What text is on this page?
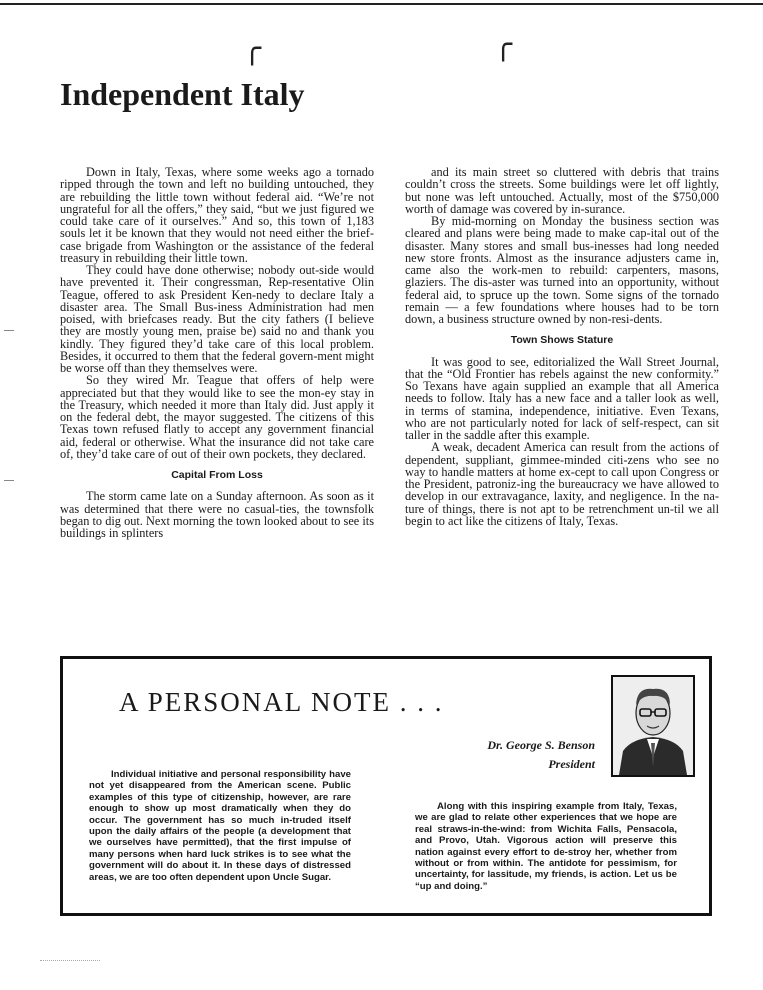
╭	╭
Independent Italy

Down in Italy, Texas, where some weeks ago a tornado ripped through the town and left no building untouched, they are rebuilding the little town without federal aid. “We’re not ungrateful for all the offers,” they said, “but we just figured we could take care of it ourselves.” And so, this town of 1,183 souls let it be known that they would not need either the brief-case brigade from Washington or the assistance of the federal treasury in rebuilding their little town.

They could have done otherwise; nobody out-side would have prevented it. Their congressman, Rep-resentative Olin Teague, offered to ask President Ken-nedy to declare Italy a disaster area. The Small Bus-iness Administration had men poised, with briefcases ready. But the city fathers (I believe they are mostly young men, praise be) said no and thank you kindly. They figured they’d take care of this local problem. Besides, it occurred to them that the federal govern-ment might be worse off than they themselves were.

So they wired Mr. Teague that offers of help were appreciated but that they would like to see the mon-ey stay in the Treasury, which needed it more than Italy did. Just apply it on the federal debt, the mayor suggested. The citizens of this Texas town refused flatly to accept any government financial aid, federal or otherwise. What the insurance did not take care of, they’d take care of out of their own pockets, they declared.

Capital From Loss

The storm came late on a Sunday afternoon. As soon as it was determined that there were no casual-ties, the townsfolk began to dig out. Next morning the town looked about to see its buildings in splinters

and its main street so cluttered with debris that trains couldn’t cross the streets. Some buildings were let off lightly, but none was left untouched. Actually, most of the $750,000 worth of damage was covered by in-surance.

By mid-morning on Monday the business section was cleared and plans were being made to make cap-ital out of the disaster. Many stores and small bus-inesses had long needed new store fronts. Almost as the insurance adjusters came in, came also the work-men to rebuild: carpenters, masons, glaziers. The dis-aster was turned into an opportunity, without federal aid, to spruce up the town. Some signs of the tornado remain — a few foundations where houses had to be torn down, a business structure owned by non-resi-dents.

Town Shows Stature

It was good to see, editorialized the Wall Street Journal, that the “Old Frontier has rebels against the new conformity.” So Texans have again supplied an example that all America needs to follow. Italy has a new face and a taller look as well, in terms of stamina, independence, initiative. Even Texans, who are not particularly noted for lack of self-respect, can sit taller in the saddle after this example.

A weak, decadent America can result from the actions of dependent, suppliant, gimmee-minded citi-zens who see no way to handle matters at home ex-cept to call upon Congress or the President, patroniz-ing the bureaucracy we have allowed to develop in our extravagance, laxity, and negligence. In the na-ture of things, there is not apt to be retrenchment un-til we all begin to act like the citizens of Italy, Texas.

A PERSONAL NOTE . . .

Dr. George S. Benson

President

Individual initiative and personal responsibility have not yet disappeared from the American scene. Public examples of this type of citizenship, however, are rare enough to show up most dramatically when they do occur. The government has so much in-truded itself upon the daily affairs of the people (a development that we ourselves have permitted), that the first impulse of many persons when hard luck strikes is to see what the government will do about it. In these days of distressed areas, we are too often dependent upon Uncle Sugar.

Along with this inspiring example from Italy, Texas, we are glad to relate other experiences that we hope are real straws-in-the-wind: from Wichita Falls, Pensacola, and Provo, Utah. Vigorous action will preserve this nation against every effort to de-stroy her, whether from without or from within. The antidote for pessimism, for uncertainty, for lassitude, my friends, is action. Let us be “up and doing.”
